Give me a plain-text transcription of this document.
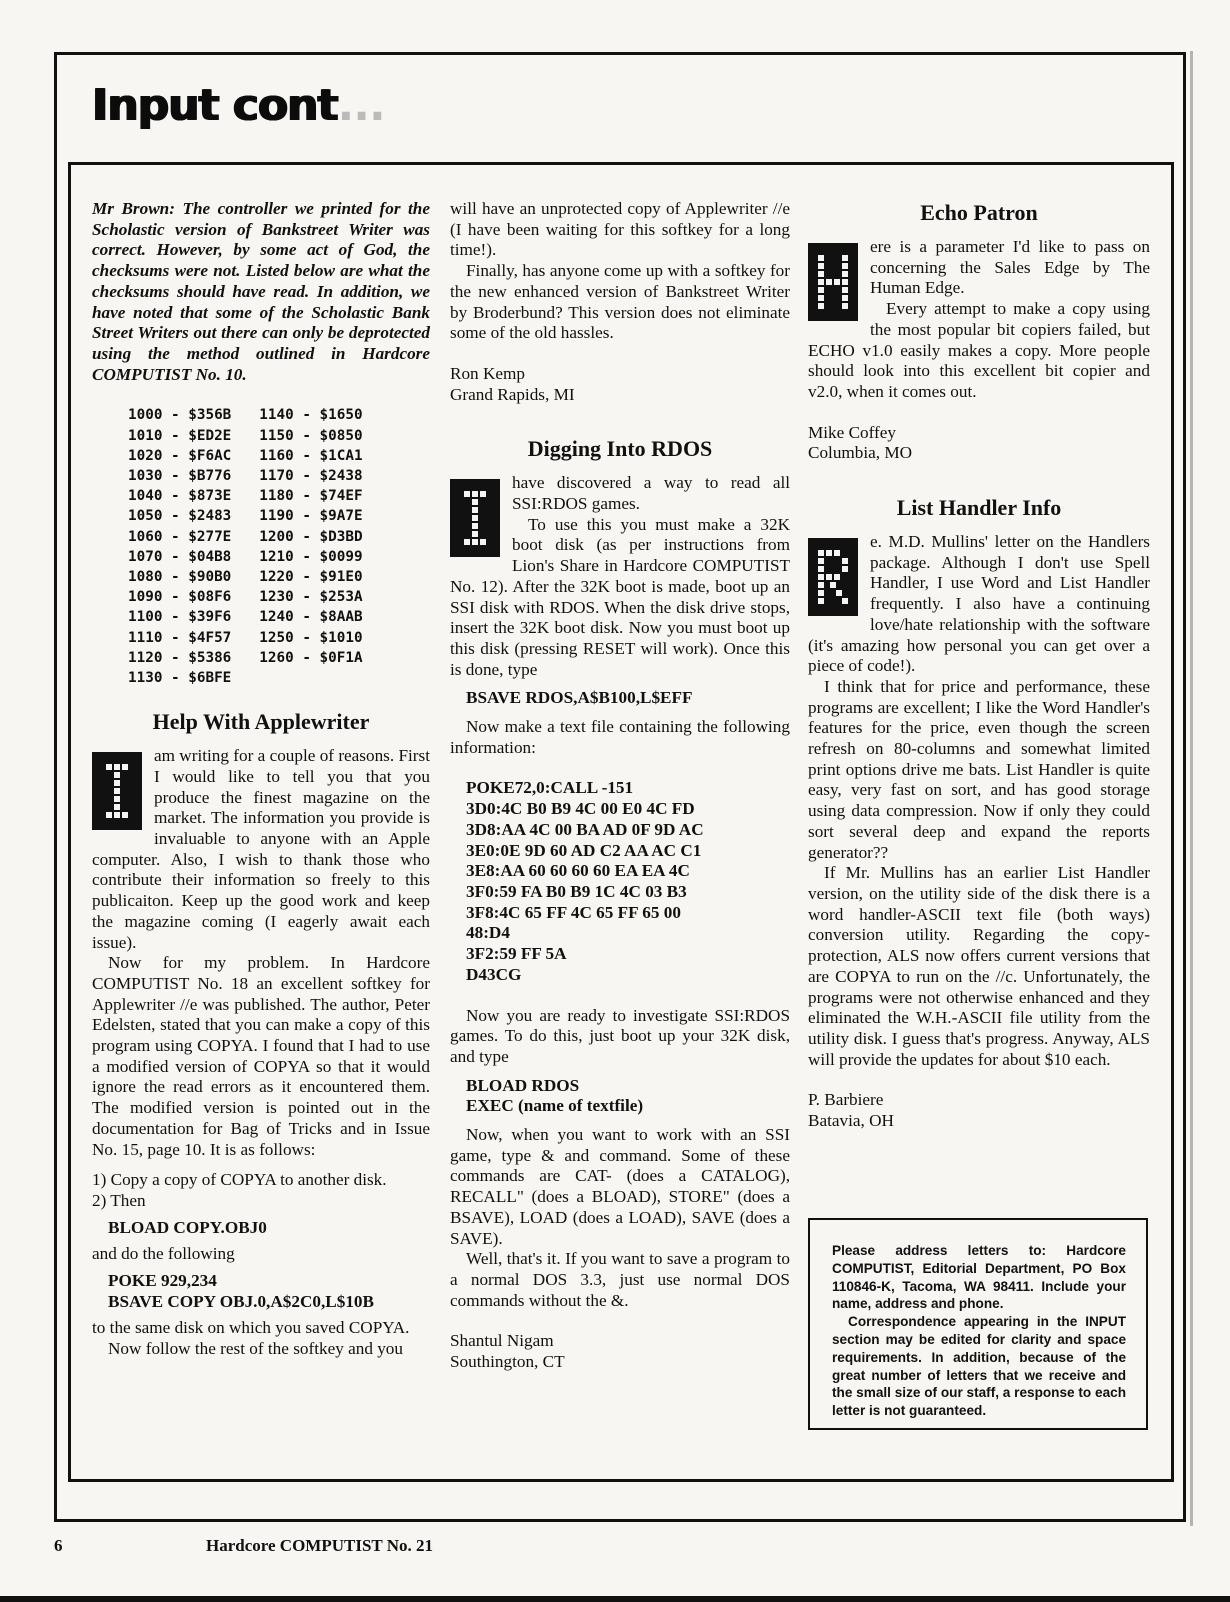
Input cont...

Mr Brown: The controller we printed for the Scholastic version of Bankstreet Writer was correct. However, by some act of God, the checksums were not. Listed below are what the checksums should have read. In addition, we have noted that some of the Scholastic Bank Street Writers out there can only be deprotected using the method outlined in Hardcore COMPUTIST No. 10.

1000 - $356B
1010 - $ED2E
1020 - $F6AC
1030 - $B776
1040 - $873E
1050 - $2483
1060 - $277E
1070 - $04B8
1080 - $90B0
1090 - $08F6
1100 - $39F6
1110 - $4F57
1120 - $5386
1130 - $6BFE
1140 - $1650
1150 - $0850
1160 - $1CA1
1170 - $2438
1180 - $74EF
1190 - $9A7E
1200 - $D3BD
1210 - $0099
1220 - $91E0
1230 - $253A
1240 - $8AAB
1250 - $1010
1260 - $0F1A
Help With Applewriter

am writing for a couple of reasons. First I would like to tell you that you produce the finest magazine on the market. The information you provide is invaluable to anyone with an Apple computer. Also, I wish to thank those who contribute their information so freely to this publicaiton. Keep up the good work and keep the magazine coming (I eagerly await each issue).

Now for my problem. In Hardcore COMPUTIST No. 18 an excellent softkey for Applewriter //e was published. The author, Peter Edelsten, stated that you can make a copy of this program using COPYA. I found that I had to use a modified version of COPYA so that it would ignore the read errors as it encountered them. The modified version is pointed out in the documentation for Bag of Tricks and in Issue No. 15, page 10. It is as follows:

1) Copy a copy of COPYA to another disk.

2) Then

BLOAD COPY.OBJ0

and do the following

POKE 929,234
BSAVE COPY OBJ.0,A$2C0,L$10B

to the same disk on which you saved COPYA.

Now follow the rest of the softkey and you

will have an unprotected copy of Applewriter //e (I have been waiting for this softkey for a long time!).

Finally, has anyone come up with a softkey for the new enhanced version of Bankstreet Writer by Broderbund? This version does not eliminate some of the old hassles.

Ron Kemp

Grand Rapids, MI

Digging Into RDOS

have discovered a way to read all SSI:RDOS games.

To use this you must make a 32K boot disk (as per instructions from Lion's Share in Hardcore COMPUTIST No. 12). After the 32K boot is made, boot up an SSI disk with RDOS. When the disk drive stops, insert the 32K boot disk. Now you must boot up this disk (pressing RESET will work). Once this is done, type

BSAVE RDOS,A$B100,L$EFF

Now make a text file containing the following information:

POKE72,0:CALL -151
3D0:4C B0 B9 4C 00 E0 4C FD
3D8:AA 4C 00 BA AD 0F 9D AC
3E0:0E 9D 60 AD C2 AA AC C1
3E8:AA 60 60 60 60 EA EA 4C
3F0:59 FA B0 B9 1C 4C 03 B3
3F8:4C 65 FF 4C 65 FF 65 00
48:D4
3F2:59 FF 5A
D43CG

Now you are ready to investigate SSI:RDOS games. To do this, just boot up your 32K disk, and type

BLOAD RDOS
EXEC (name of textfile)

Now, when you want to work with an SSI game, type & and command. Some of these commands are CAT- (does a CATALOG), RECALL" (does a BLOAD), STORE" (does a BSAVE), LOAD (does a LOAD), SAVE (does a SAVE).

Well, that's it. If you want to save a program to a normal DOS 3.3, just use normal DOS commands without the &.

Shantul Nigam

Southington, CT

Echo Patron

ere is a parameter I'd like to pass on concerning the Sales Edge by The Human Edge.

Every attempt to make a copy using the most popular bit copiers failed, but ECHO v1.0 easily makes a copy. More people should look into this excellent bit copier and v2.0, when it comes out.

Mike Coffey

Columbia, MO

List Handler Info

e. M.D. Mullins' letter on the Handlers package. Although I don't use Spell Handler, I use Word and List Handler frequently. I also have a continuing love/hate relationship with the software (it's amazing how personal you can get over a piece of code!).

I think that for price and performance, these programs are excellent; I like the Word Handler's features for the price, even though the screen refresh on 80-columns and somewhat limited print options drive me bats. List Handler is quite easy, very fast on sort, and has good storage using data compression. Now if only they could sort several deep and expand the reports generator??

If Mr. Mullins has an earlier List Handler version, on the utility side of the disk there is a word handler-ASCII text file (both ways) conversion utility. Regarding the copy-protection, ALS now offers current versions that are COPYA to run on the //c. Unfortunately, the programs were not otherwise enhanced and they eliminated the W.H.-ASCII file utility from the utility disk. I guess that's progress. Anyway, ALS will provide the updates for about $10 each.

P. Barbiere

Batavia, OH

Please address letters to: Hardcore COMPUTIST, Editorial Department, PO Box 110846-K, Tacoma, WA 98411. Include your name, address and phone.

Correspondence appearing in the INPUT section may be edited for clarity and space requirements. In addition, because of the great number of letters that we receive and the small size of our staff, a response to each letter is not guaranteed.

6	Hardcore COMPUTIST No. 21
